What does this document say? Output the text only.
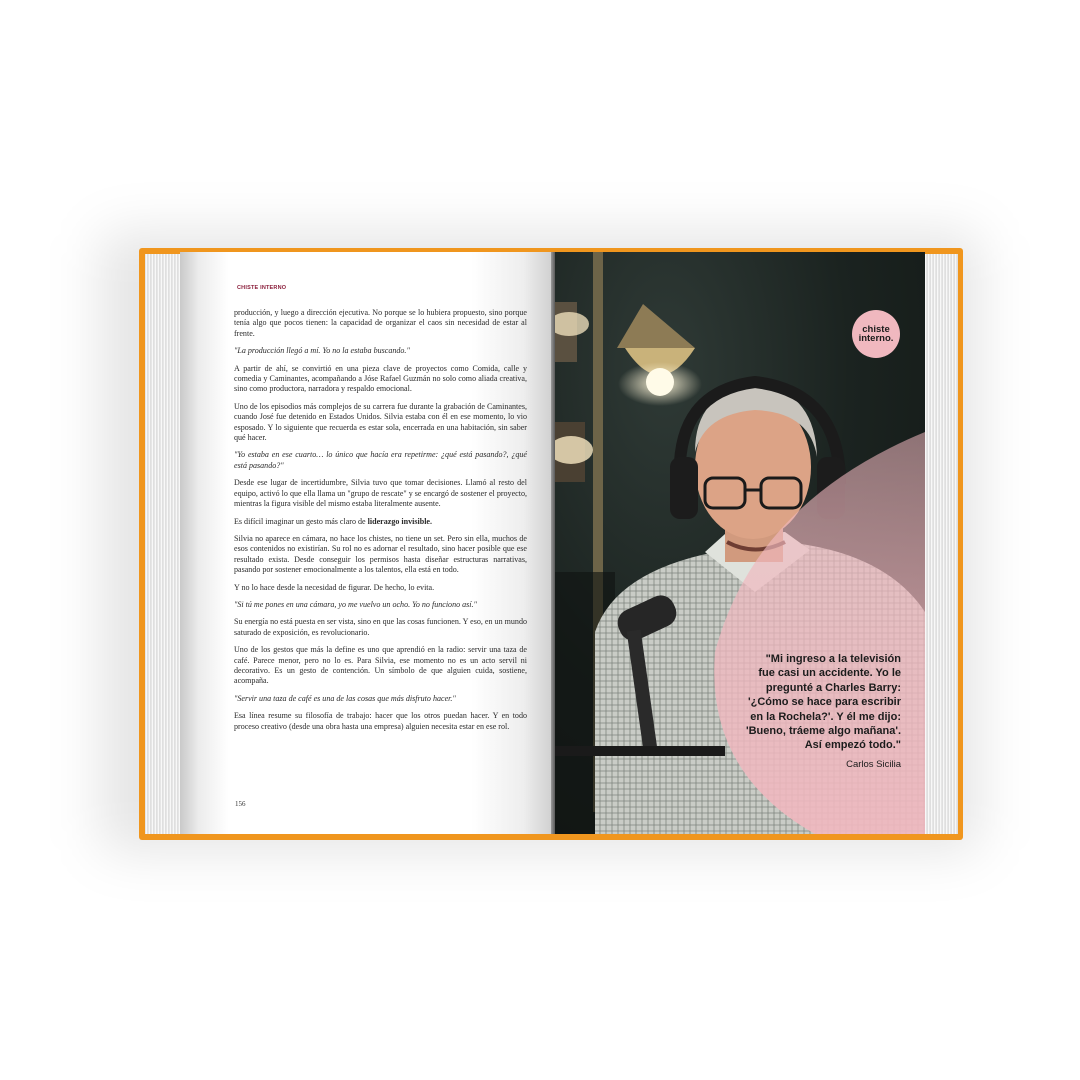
CHISTE INTERNO

producción, y luego a dirección ejecutiva. No porque se lo hubiera propuesto, sino porque tenía algo que pocos tienen: la capacidad de organizar el caos sin necesidad de estar al frente.

"La producción llegó a mí. Yo no la estaba buscando."

A partir de ahí, se convirtió en una pieza clave de proyectos como Comida, calle y comedia y Caminantes, acompañando a Jóse Rafael Guzmán no solo como aliada creativa, sino como productora, narradora y respaldo emocional.

Uno de los episodios más complejos de su carrera fue durante la grabación de Caminantes, cuando José fue detenido en Estados Unidos. Silvia estaba con él en ese momento, lo vio esposado. Y lo siguiente que recuerda es estar sola, encerrada en una habitación, sin saber qué hacer.

"Yo estaba en ese cuarto… lo único que hacía era repetirme: ¿qué está pasando?, ¿qué está pasando?"

Desde ese lugar de incertidumbre, Silvia tuvo que tomar decisiones. Llamó al resto del equipo, activó lo que ella llama un "grupo de rescate" y se encargó de sostener el proyecto, mientras la figura visible del mismo estaba literalmente ausente.

Es difícil imaginar un gesto más claro de liderazgo invisible.

Silvia no aparece en cámara, no hace los chistes, no tiene un set. Pero sin ella, muchos de esos contenidos no existirían. Su rol no es adornar el resultado, sino hacer posible que ese resultado exista. Desde conseguir los permisos hasta diseñar estructuras narrativas, pasando por sostener emocionalmente a los talentos, ella está en todo.

Y no lo hace desde la necesidad de figurar. De hecho, lo evita.

"Si tú me pones en una cámara, yo me vuelvo un ocho. Yo no funciono así."

Su energía no está puesta en ser vista, sino en que las cosas funcionen. Y eso, en un mundo saturado de exposición, es revolucionario.

Uno de los gestos que más la define es uno que aprendió en la radio: servir una taza de café. Parece menor, pero no lo es. Para Silvia, ese momento no es un acto servil ni decorativo. Es un gesto de contención. Un símbolo de que alguien cuida, sostiene, acompaña.

"Servir una taza de café es una de las cosas que más disfruto hacer."

Esa línea resume su filosofía de trabajo: hacer que los otros puedan hacer. Y en todo proceso creativo (desde una obra hasta una empresa) alguien necesita estar en ese rol.

156
chiste
interno.
"Mi ingreso a la televisión
fue casi un accidente. Yo le
pregunté a Charles Barry:
'¿Cómo se hace para escribir
en la Rochela?'. Y él me dijo:
'Bueno, tráeme algo mañana'.
Así empezó todo."
Carlos Sicilia
